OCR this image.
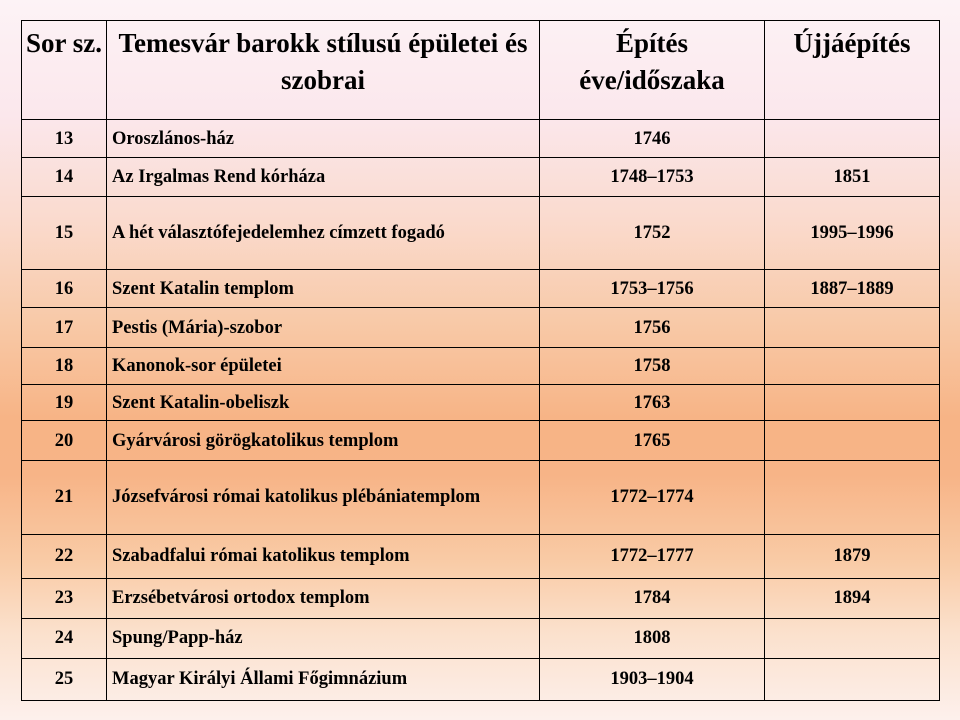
Sor sz.	Temesvár barokk stílusú épületei és szobrai	Építés éve/időszaka	Újjáépítés
13	Oroszlános-ház	1746	
14	Az Irgalmas Rend kórháza	1748–1753	1851
15	A hét választófejedelemhez címzett fogadó	1752	1995–1996
16	Szent Katalin templom	1753–1756	1887–1889
17	Pestis (Mária)-szobor	1756	
18	Kanonok-sor épületei	1758	
19	Szent Katalin-obeliszk	1763	
20	Gyárvárosi görögkatolikus templom	1765	
21	Józsefvárosi római katolikus plébániatemplom	1772–1774	
22	Szabadfalui római katolikus templom	1772–1777	1879
23	Erzsébetvárosi ortodox templom	1784	1894
24	Spung/Papp-ház	1808	
25	Magyar Királyi Állami Főgimnázium	1903–1904	
